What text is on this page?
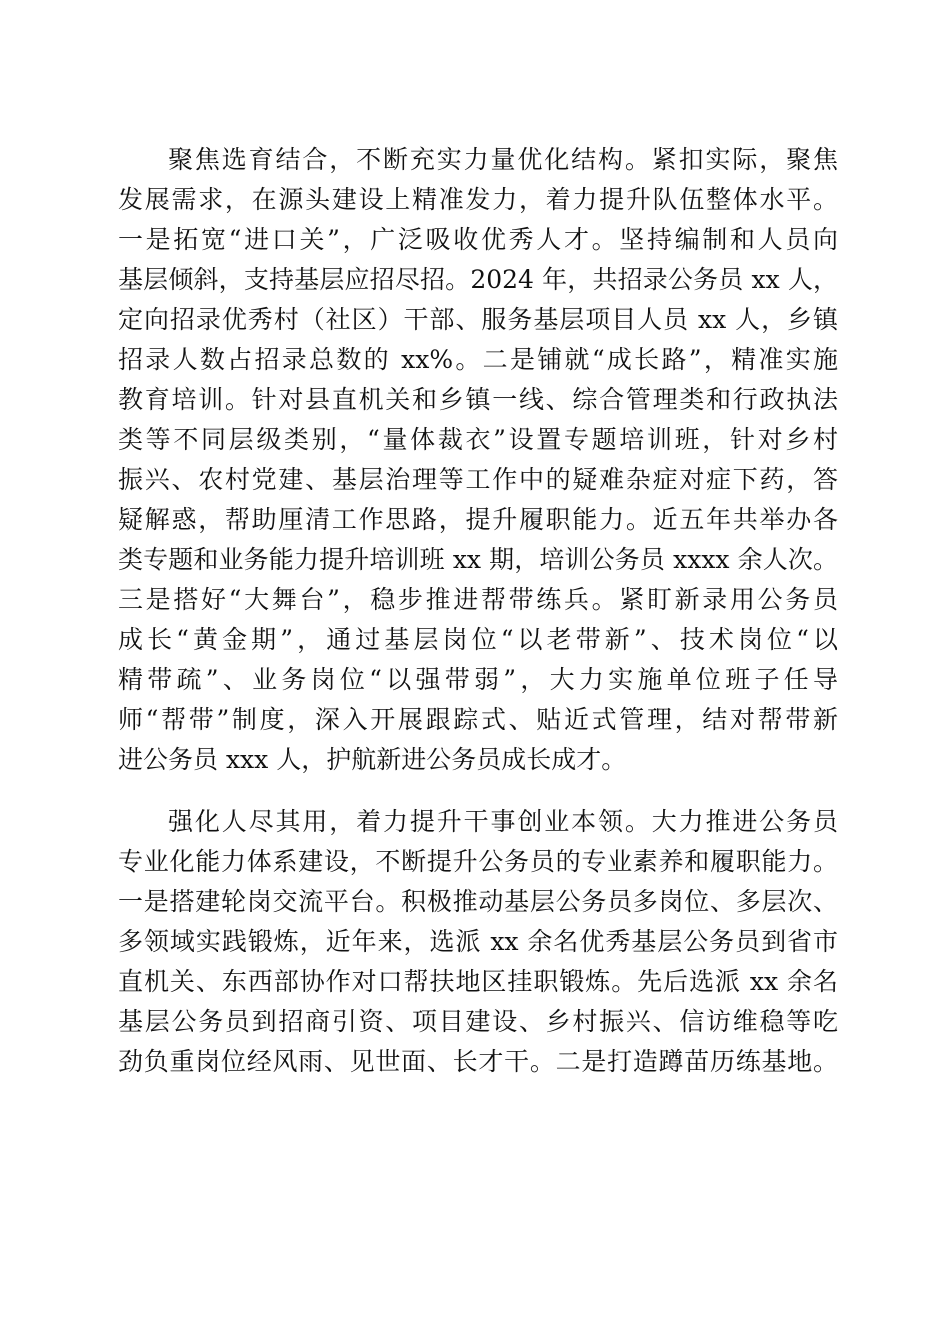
聚焦选育结合，不断充实力量优化结构。紧扣实际，聚焦
发展需求，在源头建设上精准发力，着力提升队伍整体水平。
一是拓宽“进口关”，广泛吸收优秀人才。坚持编制和人员向
基层倾斜，支持基层应招尽招。2024 年，共招录公务员 xx 人，
定向招录优秀村（社区）干部、服务基层项目人员 xx 人，乡镇
招录人数占招录总数的 xx%。二是铺就“成长路”，精准实施
教育培训。针对县直机关和乡镇一线、综合管理类和行政执法
类等不同层级类别，“量体裁衣”设置专题培训班，针对乡村
振兴、农村党建、基层治理等工作中的疑难杂症对症下药，答
疑解惑，帮助厘清工作思路，提升履职能力。近五年共举办各
类专题和业务能力提升培训班 xx 期，培训公务员 xxxx 余人次。
三是搭好“大舞台”，稳步推进帮带练兵。紧盯新录用公务员
成长“黄金期”，通过基层岗位“以老带新”、技术岗位“以
精带疏”、业务岗位“以强带弱”，大力实施单位班子任导
师“帮带”制度，深入开展跟踪式、贴近式管理，结对帮带新
进公务员 xxx 人，护航新进公务员成长成才。
强化人尽其用，着力提升干事创业本领。大力推进公务员
专业化能力体系建设，不断提升公务员的专业素养和履职能力。
一是搭建轮岗交流平台。积极推动基层公务员多岗位、多层次、
多领域实践锻炼，近年来，选派 xx 余名优秀基层公务员到省市
直机关、东西部协作对口帮扶地区挂职锻炼。先后选派 xx 余名
基层公务员到招商引资、项目建设、乡村振兴、信访维稳等吃
劲负重岗位经风雨、见世面、长才干。二是打造蹲苗历练基地。
